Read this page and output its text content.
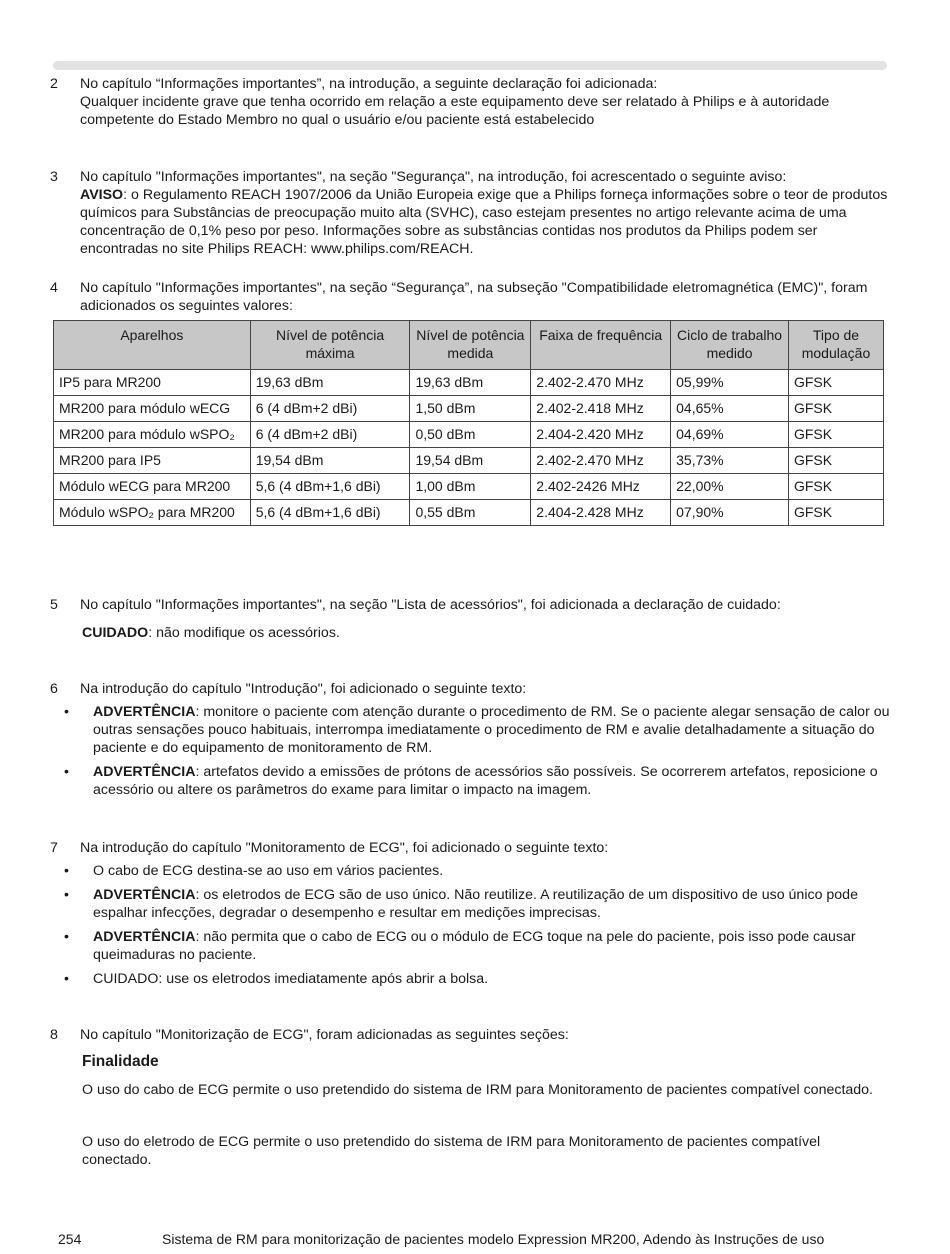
2	No capítulo “Informações importantes”, na introdução, a seguinte declaração foi adicionada:

Qualquer incidente grave que tenha ocorrido em relação a este equipamento deve ser relatado à Philips e à autoridade competente do Estado Membro no qual o usuário e/ou paciente está estabelecido

3	No capítulo "Informações importantes", na seção "Segurança", na introdução, foi acrescentado o seguinte aviso:

AVISO: o Regulamento REACH 1907/2006 da União Europeia exige que a Philips forneça informações sobre o teor de produtos químicos para Substâncias de preocupação muito alta (SVHC), caso estejam presentes no artigo relevante acima de uma concentração de 0,1% peso por peso. Informações sobre as substâncias contidas nos produtos da Philips podem ser encontradas no site Philips REACH: www.philips.com/REACH.

4	No capítulo "Informações importantes", na seção “Segurança”, na subseção "Compatibilidade eletromagnética (EMC)", foram adicionados os seguintes valores:

Aparelhos	Nível de potência máxima	Nível de potência medida	Faixa de frequência	Ciclo de trabalho medido	Tipo de modulação
IP5 para MR200	19,63 dBm	19,63 dBm	2.402-2.470 MHz	05,99%	GFSK
MR200 para módulo wECG	6 (4 dBm+2 dBi)	1,50 dBm	2.402-2.418 MHz	04,65%	GFSK
MR200 para módulo wSPO₂	6 (4 dBm+2 dBi)	0,50 dBm	2.404-2.420 MHz	04,69%	GFSK
MR200 para IP5	19,54 dBm	19,54 dBm	2.402-2.470 MHz	35,73%	GFSK
Módulo wECG para MR200	5,6 (4 dBm+1,6 dBi)	1,00 dBm	2.402-2426 MHz	22,00%	GFSK
Módulo wSPO₂ para MR200	5,6 (4 dBm+1,6 dBi)	0,55 dBm	2.404-2.428 MHz	07,90%	GFSK
5	No capítulo "Informações importantes", na seção "Lista de acessórios", foi adicionada a declaração de cuidado:

CUIDADO: não modifique os acessórios.

6	Na introdução do capítulo "Introdução", foi adicionado o seguinte texto:

• ADVERTÊNCIA: monitore o paciente com atenção durante o procedimento de RM. Se o paciente alegar sensação de calor ou outras sensações pouco habituais, interrompa imediatamente o procedimento de RM e avalie detalhadamente a situação do paciente e do equipamento de monitoramento de RM.
• ADVERTÊNCIA: artefatos devido a emissões de prótons de acessórios são possíveis. Se ocorrerem artefatos, reposicione o acessório ou altere os parâmetros do exame para limitar o impacto na imagem.
7	Na introdução do capítulo "Monitoramento de ECG", foi adicionado o seguinte texto:

• O cabo de ECG destina-se ao uso em vários pacientes.
• ADVERTÊNCIA: os eletrodos de ECG são de uso único. Não reutilize. A reutilização de um dispositivo de uso único pode espalhar infecções, degradar o desempenho e resultar em medições imprecisas.
• ADVERTÊNCIA: não permita que o cabo de ECG ou o módulo de ECG toque na pele do paciente, pois isso pode causar queimaduras no paciente.
• CUIDADO: use os eletrodos imediatamente após abrir a bolsa.
8	No capítulo "Monitorização de ECG", foram adicionadas as seguintes seções:

Finalidade

O uso do cabo de ECG permite o uso pretendido do sistema de IRM para Monitoramento de pacientes compatível conectado.

O uso do eletrodo de ECG permite o uso pretendido do sistema de IRM para Monitoramento de pacientes compatível conectado.

254	Sistema de RM para monitorização de pacientes modelo Expression MR200, Adendo às Instruções de uso
